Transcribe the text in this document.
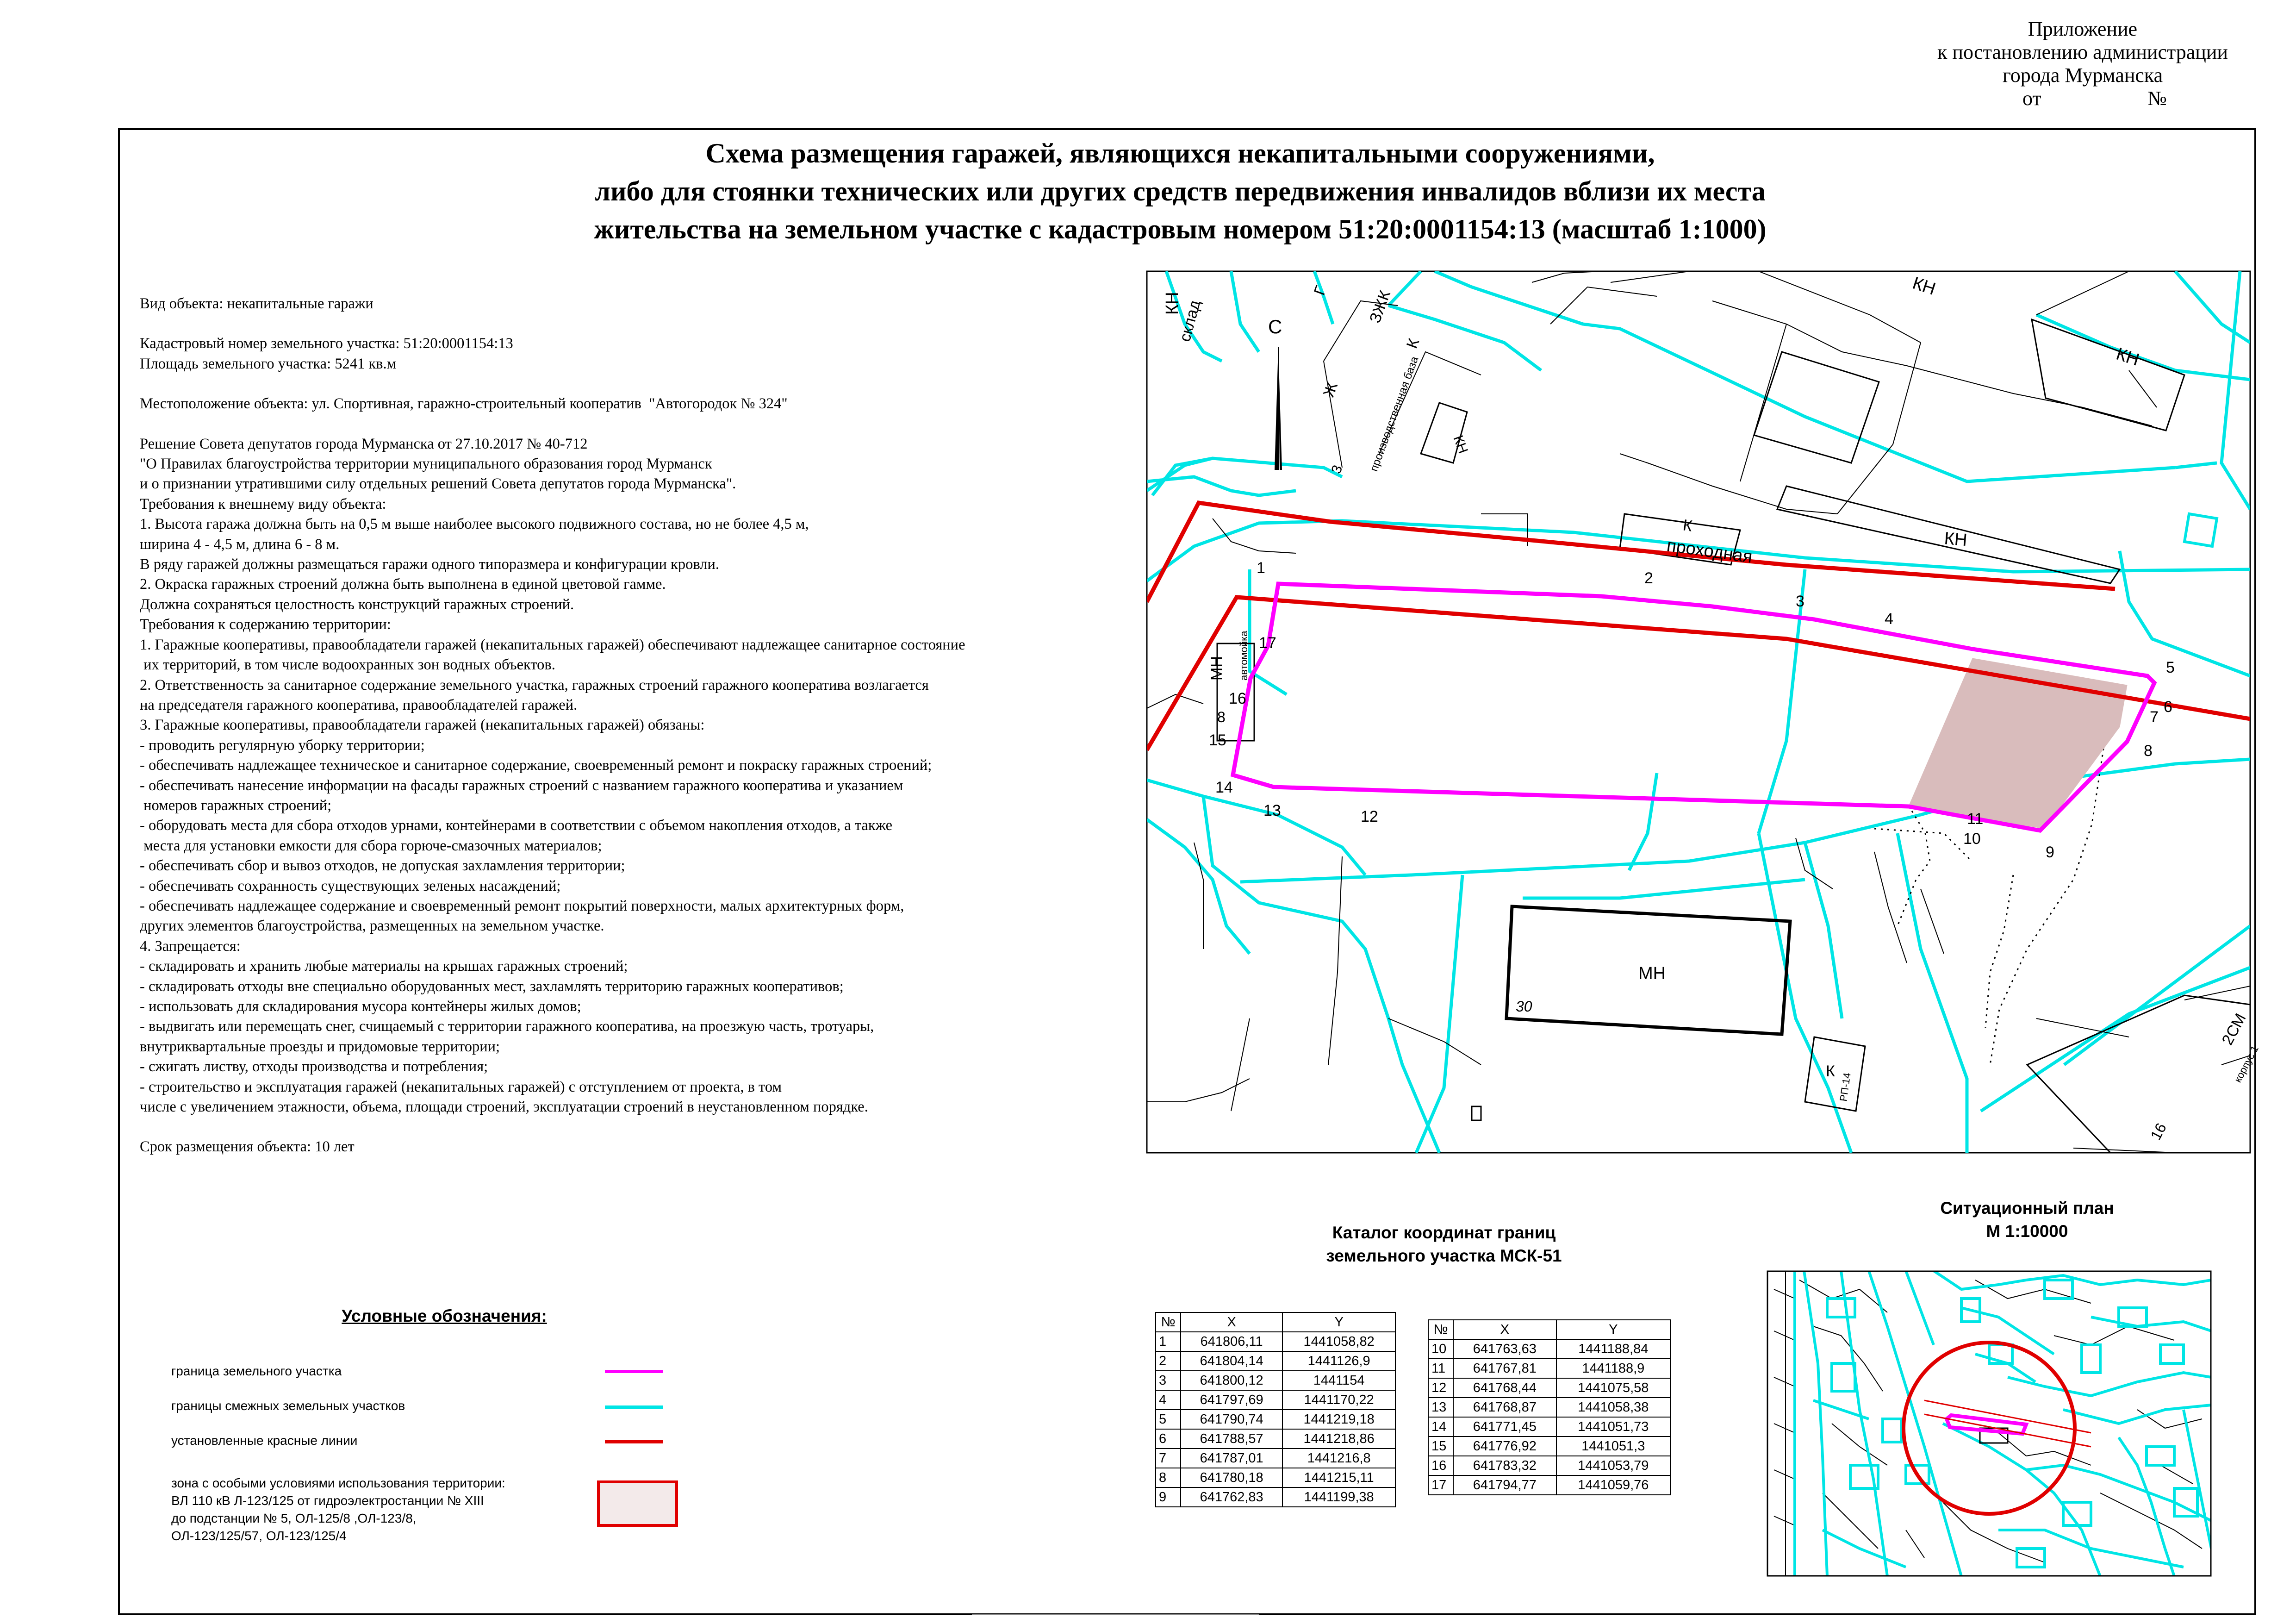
Приложение
к постановлению администрации
города Мурманска
от	№
Схема размещения гаражей, являющихся некапитальными сооружениями,
либо для стоянки технических или других средств передвижения инвалидов вблизи их места
жительства на земельном участке с кадастровым номером 51:20:0001154:13 (масштаб 1:1000)
Вид объекта: некапитальные гаражи
Кадастровый номер земельного участка: 51:20:0001154:13
Площадь земельного участка: 5241 кв.м
Местоположение объекта: ул. Спортивная, гаражно-строительный кооператив  "Автогородок № 324"
Решение Совета депутатов города Мурманска от 27.10.2017 № 40-712
"О Правилах благоустройства территории муниципального образования город Мурманск
и о признании утратившими силу отдельных решений Совета депутатов города Мурманска".
Требования к внешнему виду объекта:
1. Высота гаража должна быть на 0,5 м выше наиболее высокого подвижного состава, но не более 4,5 м,
ширина 4 - 4,5 м, длина 6 - 8 м.
В ряду гаражей должны размещаться гаражи одного типоразмера и конфигурации кровли.
2. Окраска гаражных строений должна быть выполнена в единой цветовой гамме.
Должна сохраняться целостность конструкций гаражных строений.
Требования к содержанию территории:
1. Гаражные кооперативы, правообладатели гаражей (некапитальных гаражей) обеспечивают надлежащее санитарное состояние
их территорий, в том числе водоохранных зон водных объектов.
2. Ответственность за санитарное содержание земельного участка, гаражных строений гаражного кооператива возлагается
на председателя гаражного кооператива, правообладателей гаражей.
3. Гаражные кооперативы, правообладатели гаражей (некапитальных гаражей) обязаны:
- проводить регулярную уборку территории;
- обеспечивать надлежащее техническое и санитарное содержание, своевременный ремонт и покраску гаражных строений;
- обеспечивать нанесение информации на фасады гаражных строений с названием гаражного кооператива и указанием
номеров гаражных строений;
- оборудовать места для сбора отходов урнами, контейнерами в соответствии с объемом накопления отходов, а также
места для установки емкости для сбора горюче-смазочных материалов;
- обеспечивать сбор и вывоз отходов, не допуская захламления территории;
- обеспечивать сохранность существующих зеленых насаждений;
- обеспечивать надлежащее содержание и своевременный ремонт покрытий поверхности, малых архитектурных форм,
других элементов благоустройства, размещенных на земельном участке.
4. Запрещается:
- складировать и хранить любые материалы на крышах гаражных строений;
- складировать отходы вне специально оборудованных мест, захламлять территорию гаражных кооперативов;
- использовать для складирования мусора контейнеры жилых домов;
- выдвигать или перемещать снег, счищаемый с территории гаражного кооператива, на проезжую часть, тротуары,
внутриквартальные проезды и придомовые территории;
- сжигать листву, отходы производства и потребления;
- строительство и эксплуатация гаражей (некапитальных гаражей) с отступлением от проекта, в том
числе с увеличением этажности, объема, площади строений, эксплуатации строений в неустановленном порядке.
Срок размещения объекта: 10 лет
С
КН
склад
Г ЗЖК
К
Ж производственная база
3
КН
КН
КН
КН
К
проходная
МН автомойка
8
МН
30
К
РП-14
2СМ
корпус 1
16
1
2
3
4
5
6
7
8
9
10
11
12
13
14
15
16
17
Каталог координат границ
земельного участка МСК-51
№	X	Y
1	641806,11	1441058,82
2	641804,14	1441126,9
3	641800,12	1441154
4	641797,69	1441170,22
5	641790,74	1441219,18
6	641788,57	1441218,86
7	641787,01	1441216,8
8	641780,18	1441215,11
9	641762,83	1441199,38
№	X	Y
10	641763,63	1441188,84
11	641767,81	1441188,9
12	641768,44	1441075,58
13	641768,87	1441058,38
14	641771,45	1441051,73
15	641776,92	1441051,3
16	641783,32	1441053,79
17	641794,77	1441059,76
Ситуационный план
М 1:10000
Условные обозначения:
граница земельного участка
границы смежных земельных участков
установленные красные линии
зона с особыми условиями использования территории:
ВЛ 110 кВ Л-123/125 от гидроэлектростанции № XIII
до подстанции № 5, ОЛ-125/8 ,ОЛ-123/8,
ОЛ-123/125/57, ОЛ-123/125/4
